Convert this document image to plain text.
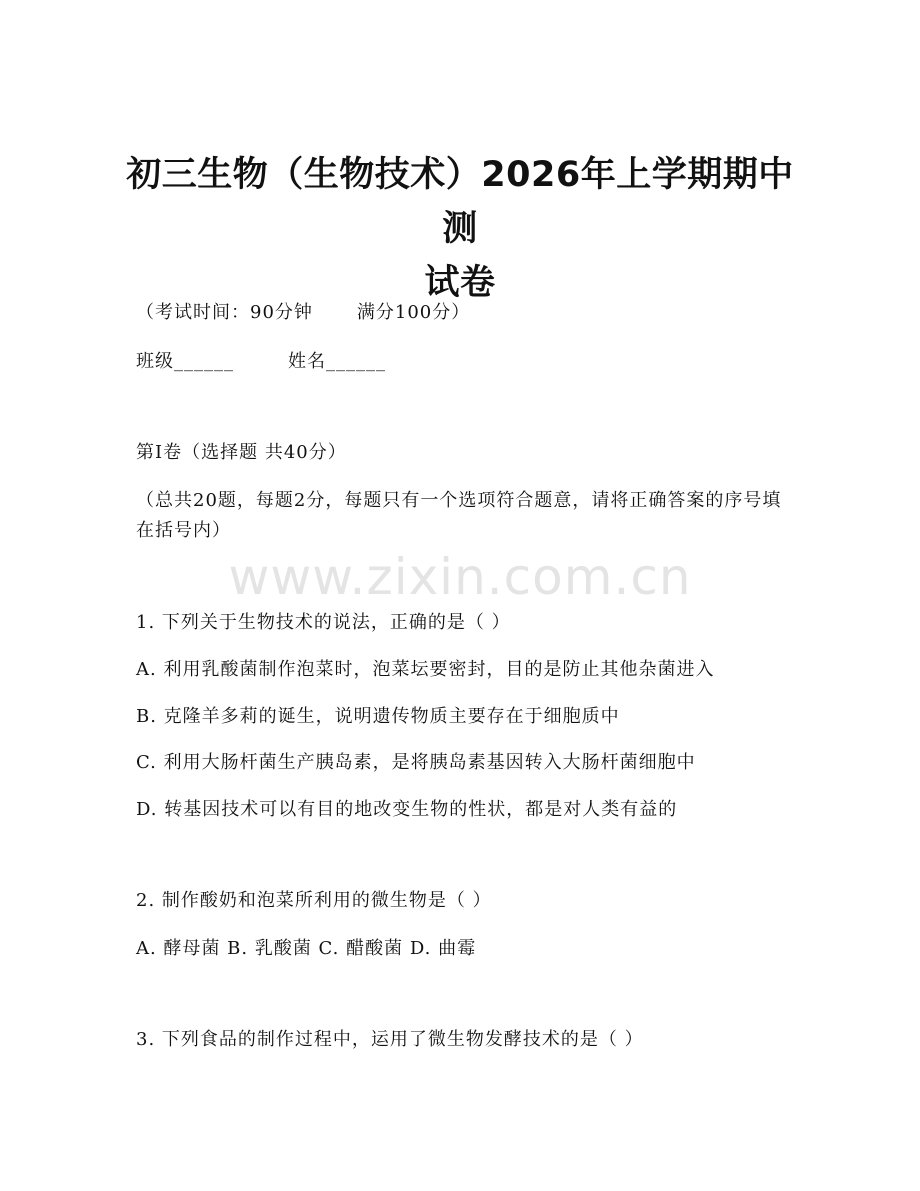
初三生物（生物技术）2026年上学期期中测
试卷
（考试时间：90分钟 满分100分）
班级______	姓名______
第I卷（选择题 共40分）
（总共20题，每题2分，每题只有一个选项符合题意，请将正确答案的序号填在括号内）
www.zixin.com.cn
1. 下列关于生物技术的说法，正确的是（ ）
A. 利用乳酸菌制作泡菜时，泡菜坛要密封，目的是防止其他杂菌进入
B. 克隆羊多莉的诞生，说明遗传物质主要存在于细胞质中
C. 利用大肠杆菌生产胰岛素，是将胰岛素基因转入大肠杆菌细胞中
D. 转基因技术可以有目的地改变生物的性状，都是对人类有益的
2. 制作酸奶和泡菜所利用的微生物是（ ）
A. 酵母菌 B. 乳酸菌 C. 醋酸菌 D. 曲霉
3. 下列食品的制作过程中，运用了微生物发酵技术的是（ ）
